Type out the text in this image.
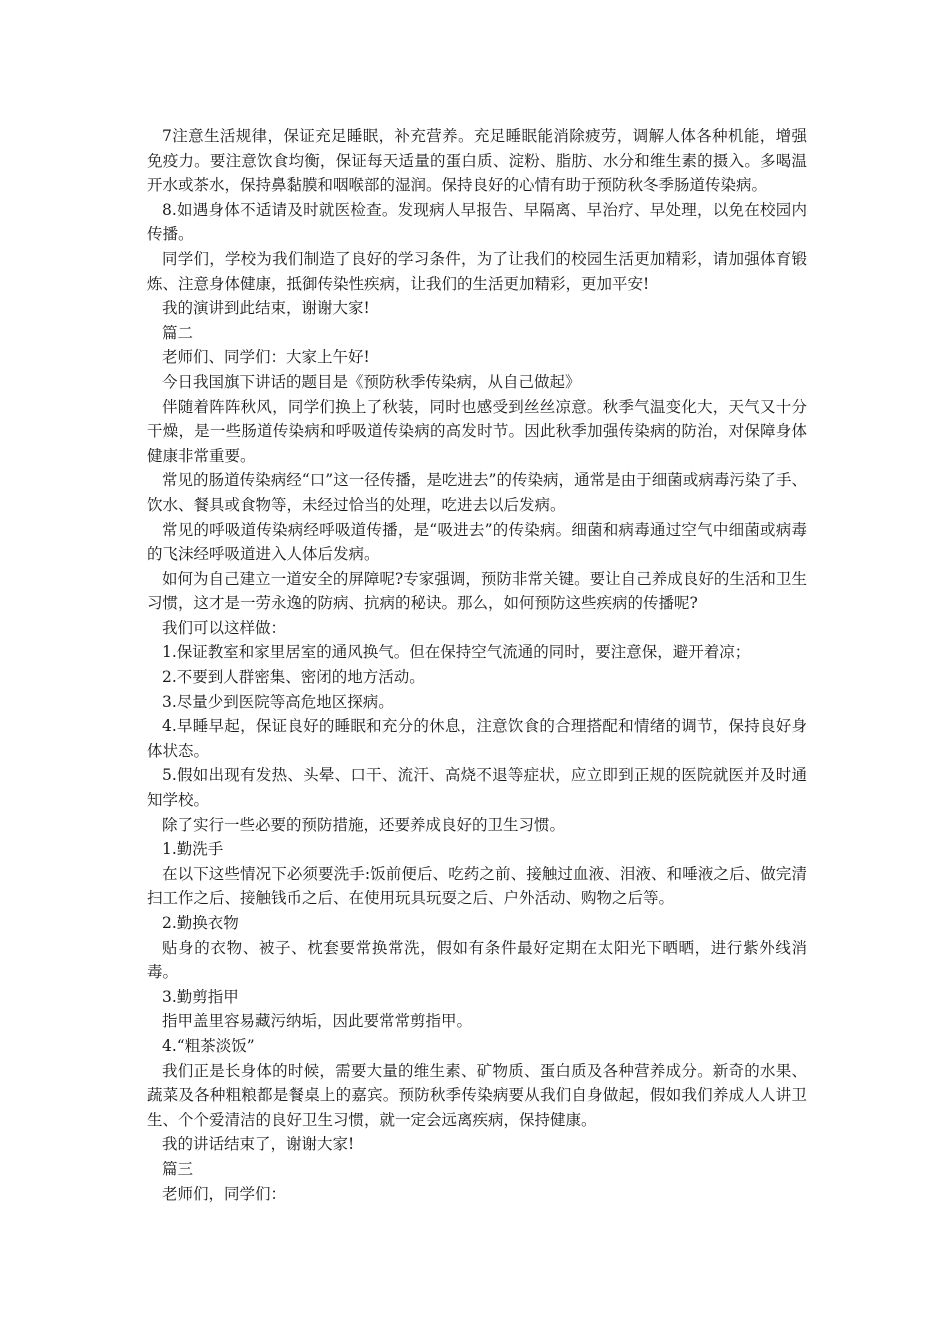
7注意生活规律，保证充足睡眠，补充营养。充足睡眠能消除疲劳，调解人体各种机能，增强免疫力。要注意饮食均衡，保证每天适量的蛋白质、淀粉、脂肪、水分和维生素的摄入。多喝温开水或茶水，保持鼻黏膜和咽喉部的湿润。保持良好的心情有助于预防秋冬季肠道传染病。

8.如遇身体不适请及时就医检查。发现病人早报告、早隔离、早治疗、早处理，以免在校园内传播。

同学们，学校为我们制造了良好的学习条件，为了让我们的校园生活更加精彩，请加强体育锻炼、注意身体健康，抵御传染性疾病，让我们的生活更加精彩，更加平安!

我的演讲到此结束，谢谢大家!

篇二

老师们、同学们：大家上午好!

今日我国旗下讲话的题目是《预防秋季传染病，从自己做起》

伴随着阵阵秋风，同学们换上了秋装，同时也感受到丝丝凉意。秋季气温变化大，天气又十分干燥，是一些肠道传染病和呼吸道传染病的高发时节。因此秋季加强传染病的防治，对保障身体健康非常重要。

常见的肠道传染病经“口”这一径传播，是吃进去”的传染病，通常是由于细菌或病毒污染了手、饮水、餐具或食物等，未经过恰当的处理，吃进去以后发病。

常见的呼吸道传染病经呼吸道传播，是“吸进去”的传染病。细菌和病毒通过空气中细菌或病毒的飞沫经呼吸道进入人体后发病。

如何为自己建立一道安全的屏障呢?专家强调，预防非常关键。要让自己养成良好的生活和卫生习惯，这才是一劳永逸的防病、抗病的秘诀。那么，如何预防这些疾病的传播呢?

我们可以这样做：

1.保证教室和家里居室的通风换气。但在保持空气流通的同时，要注意保，避开着凉；

2.不要到人群密集、密闭的地方活动。

3.尽量少到医院等高危地区探病。

4.早睡早起，保证良好的睡眠和充分的休息，注意饮食的合理搭配和情绪的调节，保持良好身体状态。

5.假如出现有发热、头晕、口干、流汗、高烧不退等症状，应立即到正规的医院就医并及时通知学校。

除了实行一些必要的预防措施，还要养成良好的卫生习惯。

1.勤洗手

在以下这些情况下必须要洗手:饭前便后、吃药之前、接触过血液、泪液、和唾液之后、做完清扫工作之后、接触钱币之后、在使用玩具玩耍之后、户外活动、购物之后等。

2.勤换衣物

贴身的衣物、被子、枕套要常换常洗，假如有条件最好定期在太阳光下晒晒，进行紫外线消毒。

3.勤剪指甲

指甲盖里容易藏污纳垢，因此要常常剪指甲。

4.“粗茶淡饭”

我们正是长身体的时候，需要大量的维生素、矿物质、蛋白质及各种营养成分。新奇的水果、蔬菜及各种粗粮都是餐桌上的嘉宾。预防秋季传染病要从我们自身做起，假如我们养成人人讲卫生、个个爱清洁的良好卫生习惯，就一定会远离疾病，保持健康。

我的讲话结束了，谢谢大家!

篇三

老师们，同学们：
